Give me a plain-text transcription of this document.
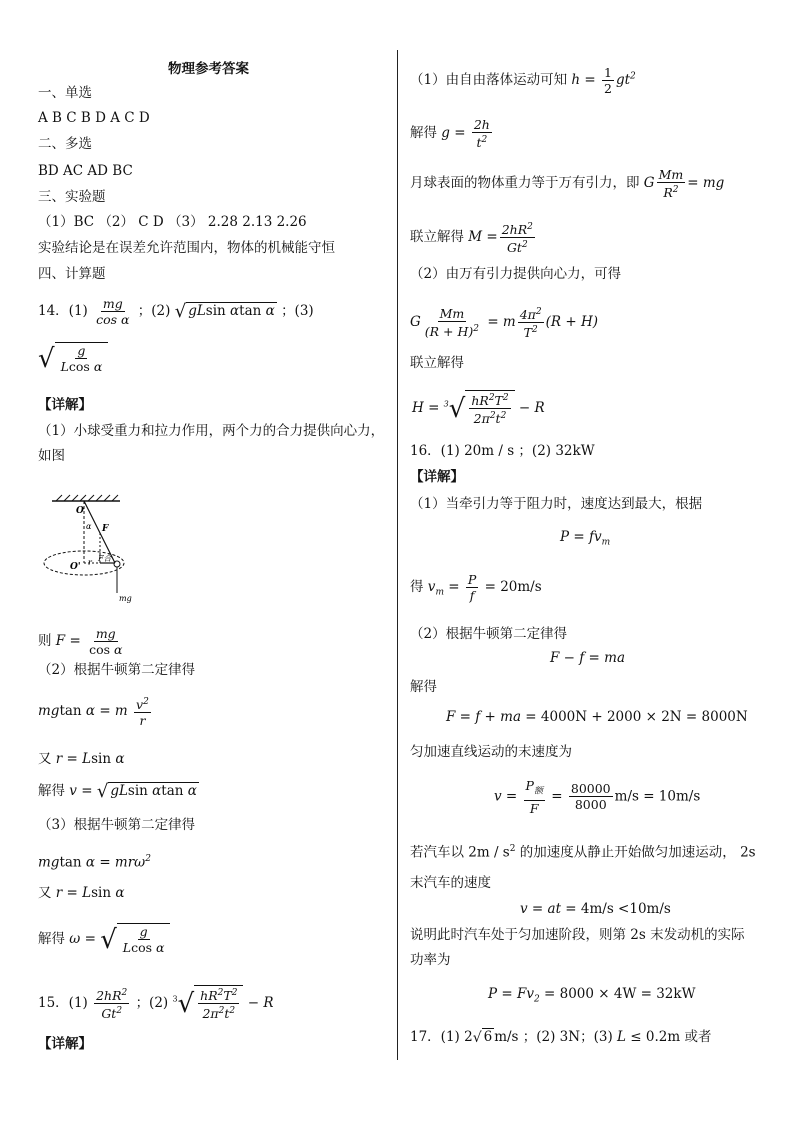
物理参考答案
一、单选
A B C B D A C D
二、多选
BD AC AD BC
三、实验题
（1）BC （2） C D （3） 2.28 2.13 2.26
实验结论是在误差允许范围内，物体的机械能守恒
四、计算题
14．$(1) \frac{mg}{\text{cos α}}$ ；(2) √ gLsin αtan α ；(3)
√ $\frac{g}{\text{Lcos α}}$
【详解】
（1）小球受重力和拉力作用，两个力的合力提供向心力，
如图
O
α F
O' r F合
mg
则 $F = \frac{mg}{\text{cos α}}$
（2）根据牛顿第二定律得
mgtan α = m $\frac{v^2}{r}$
又 r = Lsin α
解得 v = √ gLsin αtan α
（3）根据牛顿第二定律得
mgtan α = mrω$^2$
又 r = Lsin α
解得 ω = √ $\frac{g}{\text{Lcos α}}$
15．$(1) \frac{2hR^2}{Gt^2}$ ；(2) $^3√ \frac{hR^2T^2}{2\pi^2t^2} - R$
【详解】
（1）由自由落体运动可知 $h = \frac{1}{2} gt^2$
解得 $g = \frac{2h}{t^2}$
月球表面的物体重力等于万有引力，即 G $\frac{Mm}{R^2}$ = mg
联立解得 $M = \frac{2hR^2}{Gt^2}$
（2）由万有引力提供向心力，可得
G $\frac{Mm}{(R + H)^2} = m \frac{4\pi^2}{T^2} (R + H)$
联立解得
$H = ^3√ \frac{hR^2T^2}{2\pi^2t^2} - R$
16．(1) 20m / s ；(2) 32kW
【详解】
（1）当牵引力等于阻力时，速度达到最大，根据
$P = fv_m$
得 $v_m = \frac{P}{f} = 20m/s$
（2）根据牛顿第二定律得
F − f = ma
解得
F = f + ma = 4000N + 2000 × 2N = 8000N
匀加速直线运动的末速度为
$v = \frac{P_额}{F} = \frac{80000}{8000} m/s = 10m/s$
若汽车以 $2m / s^2$ 的加速度从静止开始做匀加速运动， 2s
末汽车的速度
v = at = 4m/s <10m/s
说明此时汽车处于匀加速阶段，则第 2s 末发动机的实际
功率为
$P = Fv_2 = 8000 \times 4W = 32kW$
17．(1) 2√ 6 m/s ；(2) 3N；(3) L ≤ 0.2m 或者
